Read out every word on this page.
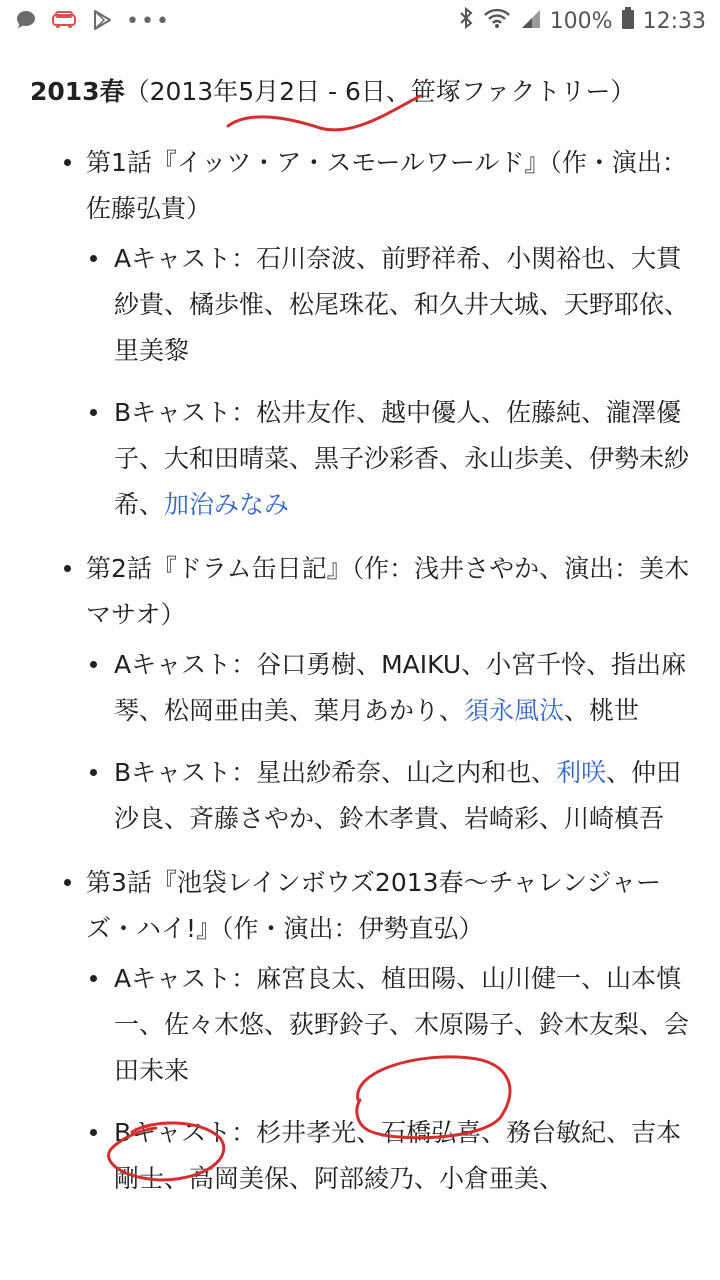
•••	100% 12:33
2013春（2013年5月2日 - 6日、笹塚ファクトリー）
第1話『イッツ・ア・スモールワールド』（作・演出：佐藤弘貴）
Aキャスト：石川奈波、前野祥希、小関裕也、大貫紗貴、橘歩惟、松尾珠花、和久井大城、天野耶依、里美黎
Bキャスト：松井友作、越中優人、佐藤純、瀧澤優子、大和田晴菜、黒子沙彩香、永山歩美、伊勢未紗希、加治みなみ
第2話『ドラム缶日記』（作：浅井さやか、演出：美木マサオ）
Aキャスト：谷口勇樹、MAIKU、小宮千怜、指出麻琴、松岡亜由美、葉月あかり、須永風汰、桃世
Bキャスト：星出紗希奈、山之内和也、利咲、仲田沙良、斉藤さやか、鈴木孝貴、岩崎彩、川崎槙吾
第3話『池袋レインボウズ2013春〜チャレンジャーズ・ハイ!』（作・演出：伊勢直弘）
Aキャスト：麻宮良太、植田陽、山川健一、山本慎一、佐々木悠、荻野鈴子、木原陽子、鈴木友梨、会田未来
Bキャスト：杉井孝光、石橋弘喜、務台敏紀、吉本剛士、高岡美保、阿部綾乃、小倉亜美、
